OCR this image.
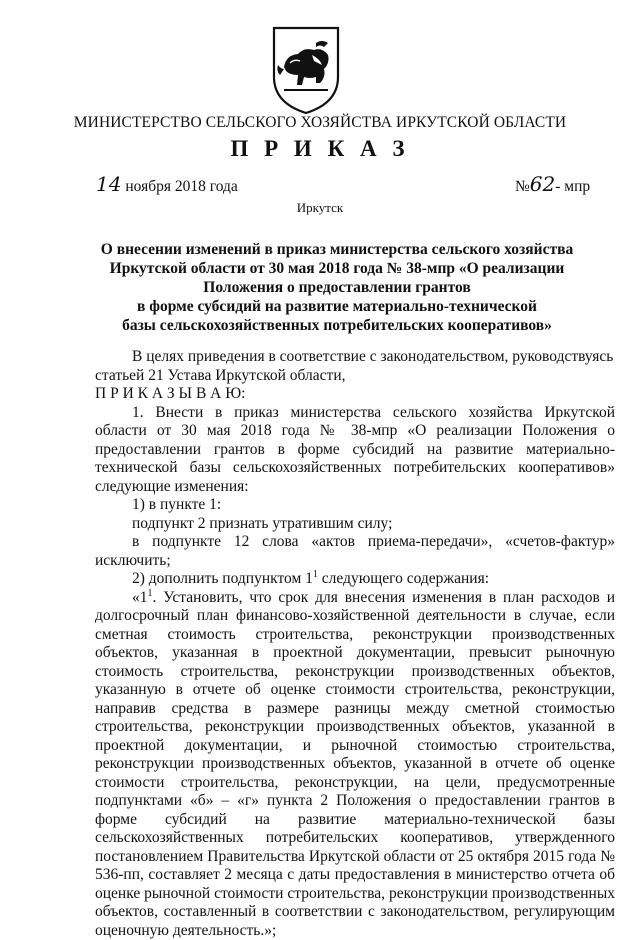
МИНИСТЕРСТВО СЕЛЬСКОГО ХОЗЯЙСТВА ИРКУТСКОЙ ОБЛАСТИ
П Р И К А З
14 ноября 2018 года	№62- мпр
Иркутск
О внесении изменений в приказ министерства сельского хозяйства
Иркутской области от 30 мая 2018 года № 38-мпр «О реализации
Положения о предоставлении грантов
в форме субсидий на развитие материально-технической
базы сельскохозяйственных потребительских кооперативов»
В целях приведения в соответствие с законодательством, руководствуясь
статьей 21 Устава Иркутской области,
П Р И К А З Ы В А Ю:
1. Внести в приказ министерства сельского хозяйства Иркутской области от 30 мая 2018 года № 38-мпр «О реализации Положения о предоставлении грантов в форме субсидий на развитие материально-технической базы сельскохозяйственных потребительских кооперативов» следующие изменения:
1) в пункте 1:
подпункт 2 признать утратившим силу;
в подпункте 12 слова «актов приема-передачи», «счетов-фактур» исключить;
2) дополнить подпунктом $1^1$ следующего содержания:
«$1^1$. Установить, что срок для внесения изменения в план расходов и долгосрочный план финансово-хозяйственной деятельности в случае, если сметная стоимость строительства, реконструкции производственных объектов, указанная в проектной документации, превысит рыночную стоимость строительства, реконструкции производственных объектов, указанную в отчете об оценке стоимости строительства, реконструкции, направив средства в размере разницы между сметной стоимостью строительства, реконструкции производственных объектов, указанной в проектной документации, и рыночной стоимостью строительства, реконструкции производственных объектов, указанной в отчете об оценке стоимости строительства, реконструкции, на цели, предусмотренные подпунктами «б» – «г» пункта 2 Положения о предоставлении грантов в форме субсидий на развитие материально-технической базы сельскохозяйственных потребительских кооперативов, утвержденного постановлением Правительства Иркутской области от 25 октября 2015 года № 536-пп, составляет 2 месяца с даты предоставления в министерство отчета об оценке рыночной стоимости строительства, реконструкции производственных объектов, составленный в соответствии с законодательством, регулирующим оценочную деятельность.»;
